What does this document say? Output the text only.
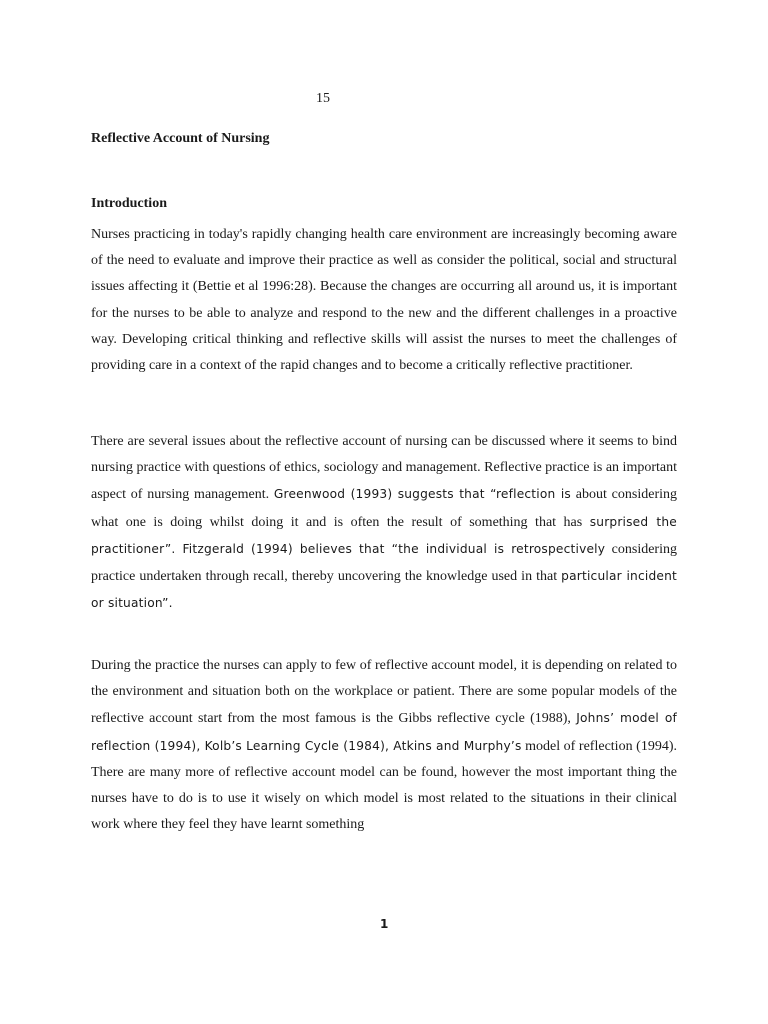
15
Reflective Account of Nursing
Introduction

Nurses practicing in today's rapidly changing health care environment are increasingly becoming aware of the need to evaluate and improve their practice as well as consider the political, social and structural issues affecting it (Bettie et al 1996:28). Because the changes are occurring all around us, it is important for the nurses to be able to analyze and respond to the new and the different challenges in a proactive way. Developing critical thinking and reflective skills will assist the nurses to meet the challenges of providing care in a context of the rapid changes and to become a critically reflective practitioner.

There are several issues about the reflective account of nursing can be discussed where it seems to bind nursing practice with questions of ethics, sociology and management. Reflective practice is an important aspect of nursing management. Greenwood (1993) suggests that “reflection is about considering what one is doing whilst doing it and is often the result of something that has surprised the practitioner”. Fitzgerald (1994) believes that “the individual is retrospectively considering practice undertaken through recall, thereby uncovering the knowledge used in that particular incident or situation”.

During the practice the nurses can apply to few of reflective account model, it is depending on related to the environment and situation both on the workplace or patient. There are some popular models of the reflective account start from the most famous is the Gibbs reflective cycle (1988), Johns’ model of reflection (1994), Kolb’s Learning Cycle (1984), Atkins and Murphy’s model of reflection (1994). There are many more of reflective account model can be found, however the most important thing the nurses have to do is to use it wisely on which model is most related to the situations in their clinical work where they feel they have learnt something

1
